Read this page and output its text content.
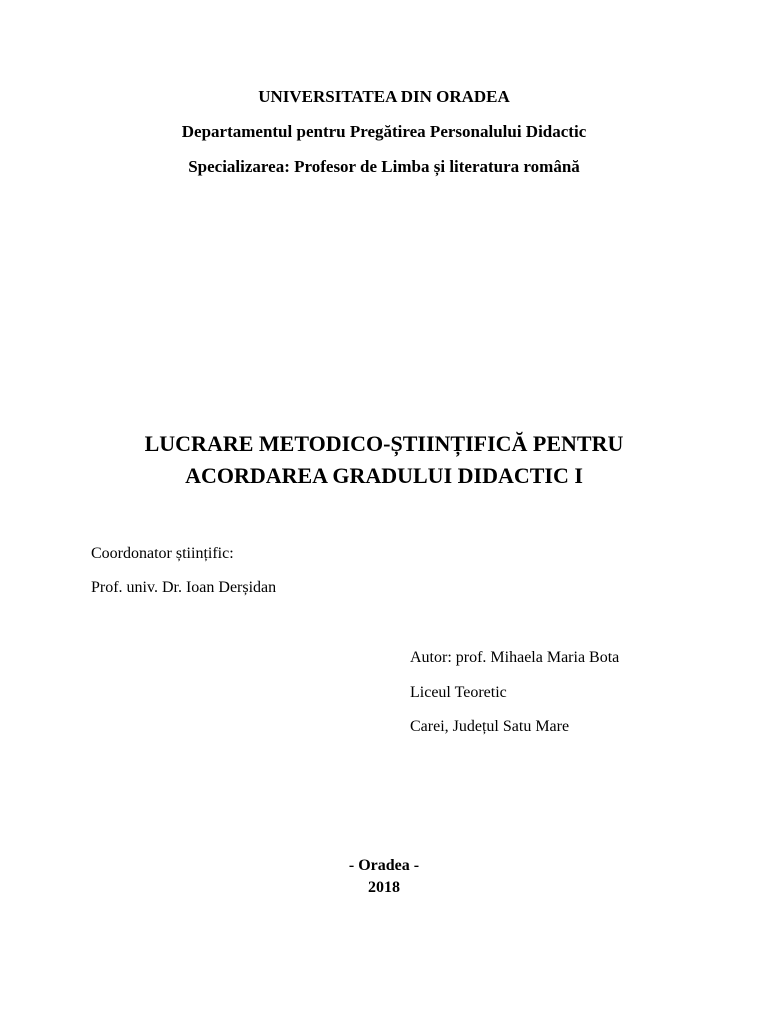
UNIVERSITATEA DIN ORADEA
Departamentul pentru Pregătirea Personalului Didactic
Specializarea: Profesor de Limba și literatura română
LUCRARE METODICO-ȘTIINȚIFICĂ PENTRU
ACORDAREA GRADULUI DIDACTIC I
Coordonator științific:
Prof. univ. Dr. Ioan Derșidan
Autor: prof. Mihaela Maria Bota
Liceul Teoretic
Carei, Județul Satu Mare
- Oradea -
2018
